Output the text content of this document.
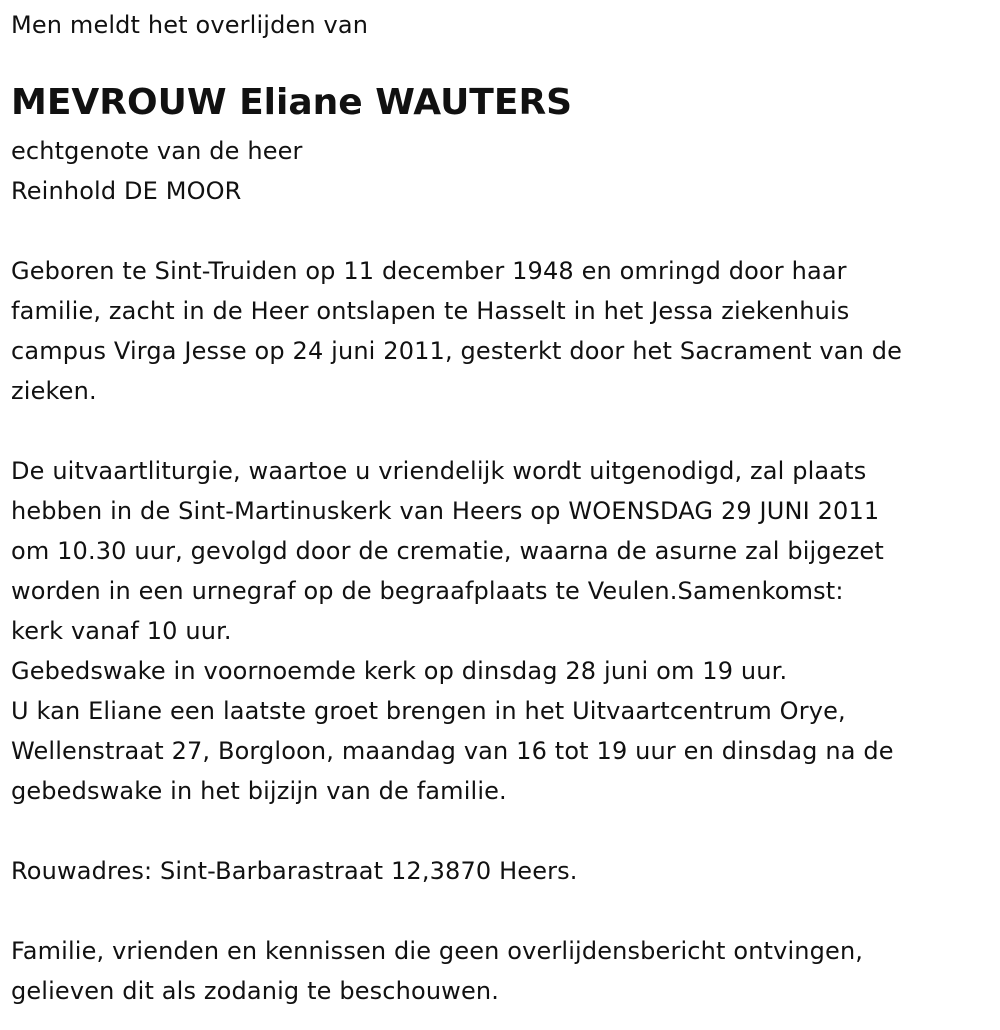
Men meldt het overlijden van
MEVROUW Eliane WAUTERS
echtgenote van de heer
Reinhold DE MOOR
Geboren te Sint-Truiden op 11 december 1948 en omringd door haar
familie, zacht in de Heer ontslapen te Hasselt in het Jessa ziekenhuis
campus Virga Jesse op 24 juni 2011, gesterkt door het Sacrament van de
zieken.
De uitvaartliturgie, waartoe u vriendelijk wordt uitgenodigd, zal plaats
hebben in de Sint-Martinuskerk van Heers op WOENSDAG 29 JUNI 2011
om 10.30 uur, gevolgd door de crematie, waarna de asurne zal bijgezet
worden in een urnegraf op de begraafplaats te Veulen.Samenkomst:
kerk vanaf 10 uur.
Gebedswake in voornoemde kerk op dinsdag 28 juni om 19 uur.
U kan Eliane een laatste groet brengen in het Uitvaartcentrum Orye,
Wellenstraat 27, Borgloon, maandag van 16 tot 19 uur en dinsdag na de
gebedswake in het bijzijn van de familie.
Rouwadres: Sint-Barbarastraat 12,3870 Heers.
Familie, vrienden en kennissen die geen overlijdensbericht ontvingen,
gelieven dit als zodanig te beschouwen.
